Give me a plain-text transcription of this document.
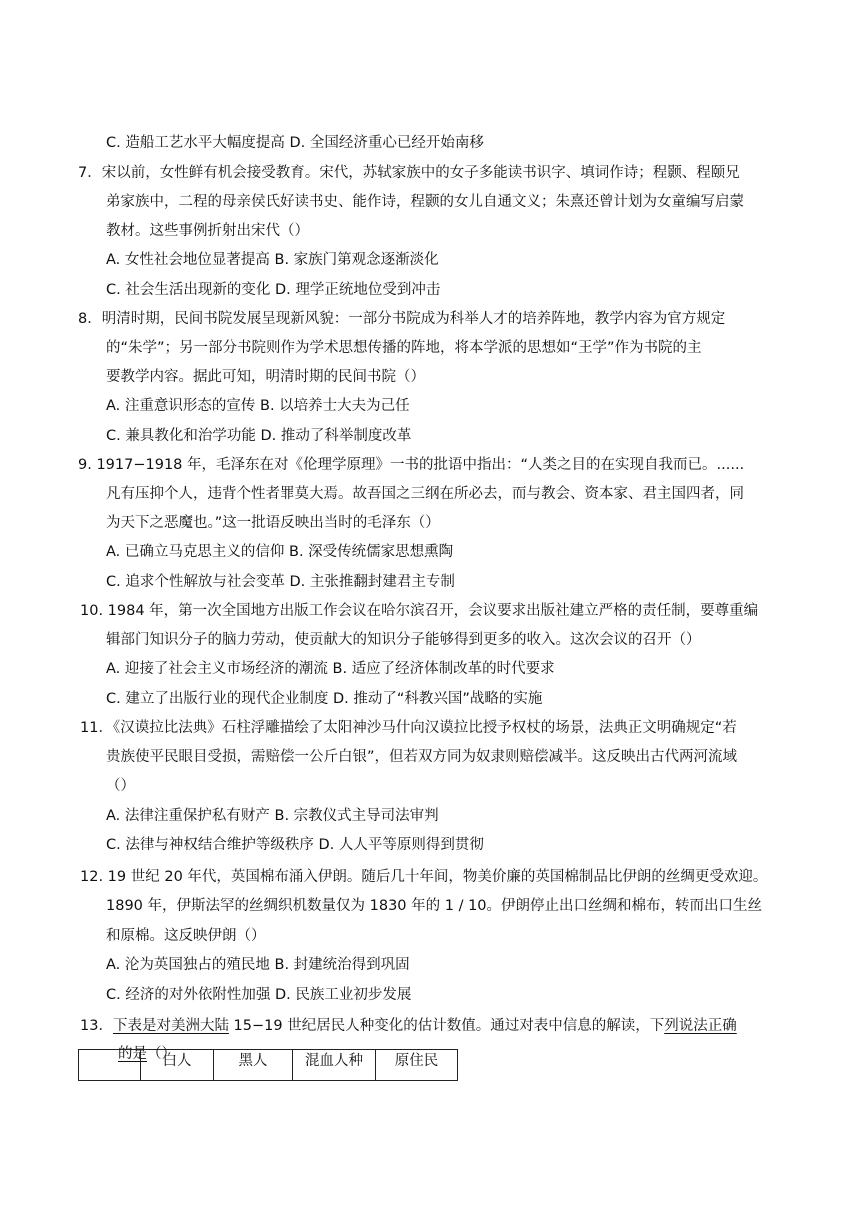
C. 造船工艺水平大幅度提高 D. 全国经济重心已经开始南移
7．宋以前，女性鲜有机会接受教育。宋代，苏轼家族中的女子多能读书识字、填词作诗；程颢、程颐兄
弟家族中，二程的母亲侯氏好读书史、能作诗，程颢的女儿自通文义；朱熹还曾计划为女童编写启蒙
教材。这些事例折射出宋代（）
A. 女性社会地位显著提高 B. 家族门第观念逐渐淡化
C. 社会生活出现新的变化 D. 理学正统地位受到冲击
8．明清时期，民间书院发展呈现新风貌：一部分书院成为科举人才的培养阵地，教学内容为官方规定
的“朱学”；另一部分书院则作为学术思想传播的阵地，将本学派的思想如“王学”作为书院的主
要教学内容。据此可知，明清时期的民间书院（）
A. 注重意识形态的宣传 B. 以培养士大夫为己任
C. 兼具教化和治学功能 D. 推动了科举制度改革
9. 1917−1918 年，毛泽东在对《伦理学原理》一书的批语中指出：“人类之目的在实现自我而已。......
凡有压抑个人，违背个性者罪莫大焉。故吾国之三纲在所必去，而与教会、资本家、君主国四者，同
为天下之恶魔也。”这一批语反映出当时的毛泽东（）
A. 已确立马克思主义的信仰 B. 深受传统儒家思想熏陶
C. 追求个性解放与社会变革 D. 主张推翻封建君主专制
10. 1984 年，第一次全国地方出版工作会议在哈尔滨召开，会议要求出版社建立严格的责任制，要尊重编
辑部门知识分子的脑力劳动，使贡献大的知识分子能够得到更多的收入。这次会议的召开（）
A. 迎接了社会主义市场经济的潮流 B. 适应了经济体制改革的时代要求
C. 建立了出版行业的现代企业制度 D. 推动了“科教兴国”战略的实施
11．《汉谟拉比法典》石柱浮雕描绘了太阳神沙马什向汉谟拉比授予权杖的场景，法典正文明确规定“若
贵族使平民眼目受损，需赔偿一公斤白银”，但若双方同为奴隶则赔偿减半。这反映出古代两河流域
（）
A. 法律注重保护私有财产 B. 宗教仪式主导司法审判
C. 法律与神权结合维护等级秩序 D. 人人平等原则得到贯彻
12. 19 世纪 20 年代，英国棉布涌入伊朗。随后几十年间，物美价廉的英国棉制品比伊朗的丝绸更受欢迎。
1890 年，伊斯法罕的丝绸织机数量仅为 1830 年的 1 / 10。伊朗停止出口丝绸和棉布，转而出口生丝
和原棉。这反映伊朗（）
A. 沦为英国独占的殖民地 B. 封建统治得到巩固
C. 经济的对外依附性加强 D. 民族工业初步发展
13．下表是对美洲大陆 15−19 世纪居民人种变化的估计数值。通过对表中信息的解读，下列说法正确
的是（）
	白人	黑人	混血人种	原住民
